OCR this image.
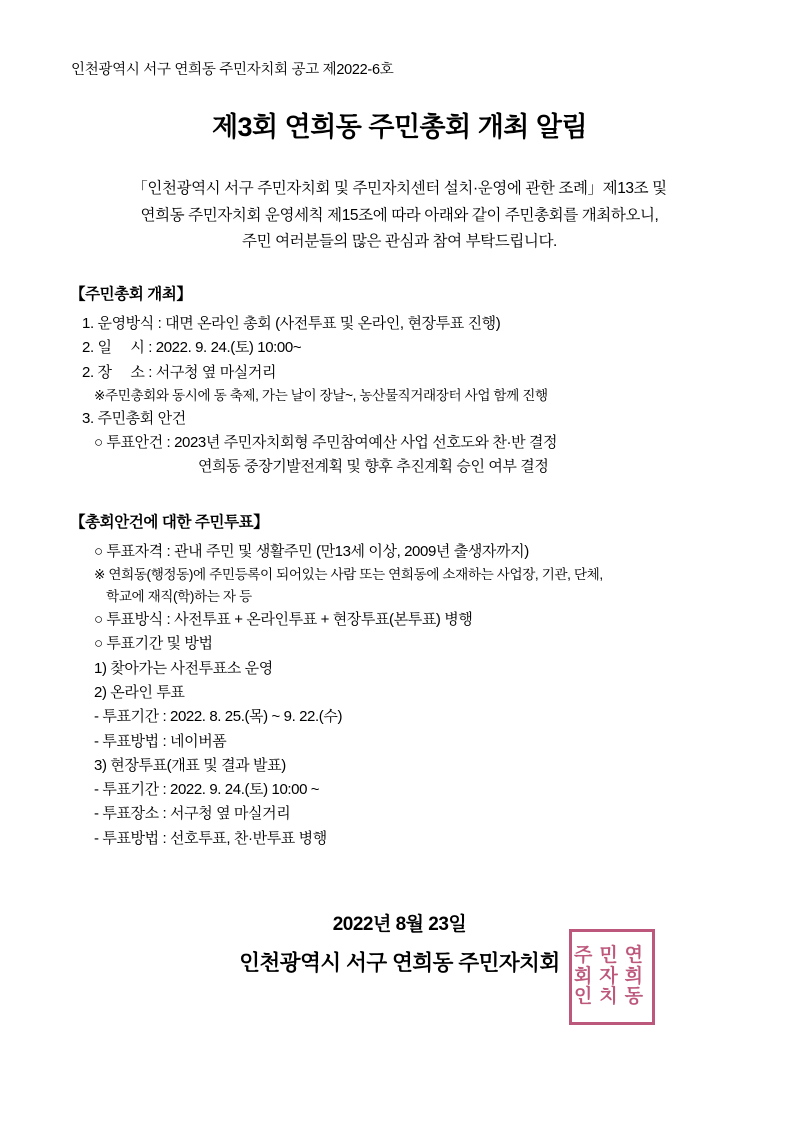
인천광역시 서구 연희동 주민자치회 공고 제2022-6호
제3회 연희동 주민총회 개최 알림
「인천광역시 서구 주민자치회 및 주민자치센터 설치·운영에 관한 조례」제13조 및
연희동 주민자치회 운영세칙 제15조에 따라 아래와 같이 주민총회를 개최하오니,
주민 여러분들의 많은 관심과 참여 부탁드립니다.
【주민총회 개최】
1. 운영방식 : 대면 온라인 총회 (사전투표 및 온라인, 현장투표 진행)
2. 일     시 : 2022. 9. 24.(토) 10:00~
2. 장     소 : 서구청 옆 마실거리
※주민총회와 동시에 동 축제, 가는 날이 장날~, 농산물직거래장터 사업 함께 진행
3. 주민총회 안건
○ 투표안건 : 2023년 주민자치회형 주민참여예산 사업 선호도와 찬·반 결정
연희동 중장기발전계획 및 향후 추진계획 승인 여부 결정
【총회안건에 대한 주민투표】
○ 투표자격 : 관내 주민 및 생활주민 (만13세 이상, 2009년 출생자까지)
※ 연희동(행정동)에 주민등록이 되어있는 사람 또는 연희동에 소재하는 사업장, 기관, 단체,
학교에 재직(학)하는 자 등
○ 투표방식 : 사전투표 + 온라인투표 + 현장투표(본투표) 병행
○ 투표기간 및 방법
1) 찾아가는 사전투표소 운영
2) 온라인 투표
- 투표기간 : 2022. 8. 25.(목) ~ 9. 22.(수)
- 투표방법 : 네이버폼
3) 현장투표(개표 및 결과 발표)
- 투표기간 : 2022. 9. 24.(토) 10:00 ~
- 투표장소 : 서구청 옆 마실거리
- 투표방법 : 선호투표, 찬·반투표 병행
2022년 8월 23일
인천광역시 서구 연희동 주민자치회 주회인
민자치
연희동
